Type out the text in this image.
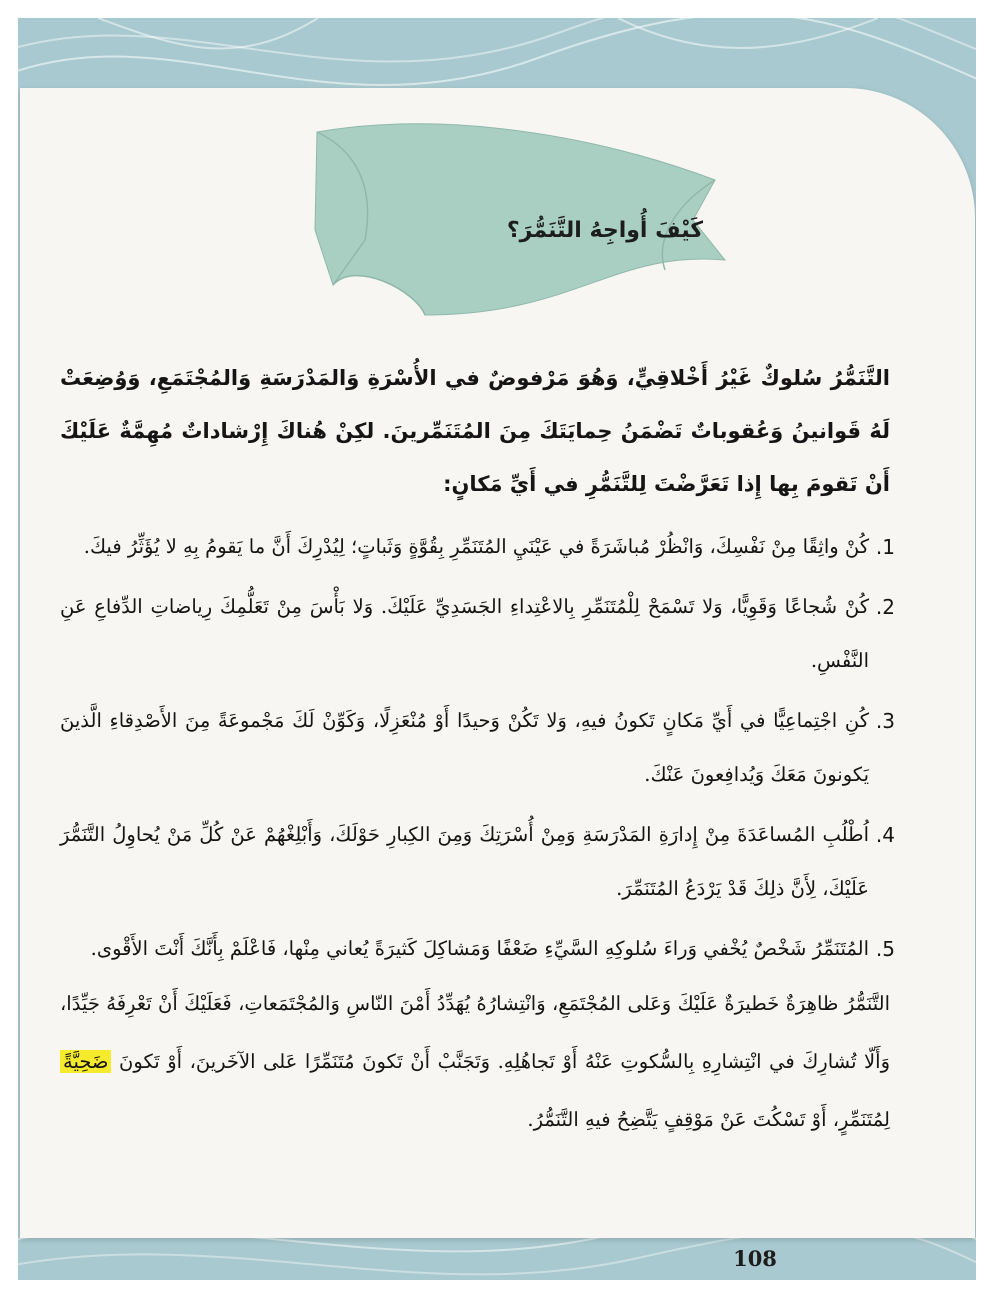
كَيْفَ أُواجِهُ التَّنَمُّرَ؟
التَّنَمُّرُ سُلوكٌ غَيْرُ أَخْلاقِيٍّ، وَهُوَ مَرْفوضٌ في الأُسْرَةِ وَالمَدْرَسَةِ وَالمُجْتَمَعِ، وَوُضِعَتْ لَهُ قَوانينُ وَعُقوباتٌ تَضْمَنُ حِمايَتَكَ مِنَ المُتَنَمِّرينَ. لكِنْ هُناكَ إِرْشاداتٌ مُهِمَّةٌ عَلَيْكَ أَنْ تَقومَ بِها إِذا تَعَرَّضْتَ لِلتَّنَمُّرِ في أَيِّ مَكانٍ:
1.
كُنْ واثِقًا مِنْ نَفْسِكَ، وَانْظُرْ مُباشَرَةً في عَيْنَيِ المُتَنَمِّرِ بِقُوَّةٍ وَثَباتٍ؛ لِيُدْرِكَ أَنَّ ما يَقومُ بِهِ لا يُؤَثِّرُ فيكَ.
2.
كُنْ شُجاعًا وَقَوِيًّا، وَلا تَسْمَحْ لِلْمُتَنَمِّرِ بِالاعْتِداءِ الجَسَدِيِّ عَلَيْكَ. وَلا بَأْسَ مِنْ تَعَلُّمِكَ رِياضاتِ الدِّفاعِ عَنِ النَّفْسِ.
3.
كُنِ اجْتِماعِيًّا في أَيِّ مَكانٍ تَكونُ فيهِ، وَلا تَكُنْ وَحيدًا أَوْ مُنْعَزِلًا، وَكَوِّنْ لَكَ مَجْموعَةً مِنَ الأَصْدِقاءِ الَّذينَ يَكونونَ مَعَكَ وَيُدافِعونَ عَنْكَ.
4.
اُطْلُبِ المُساعَدَةَ مِنْ إِدارَةِ المَدْرَسَةِ وَمِنْ أُسْرَتِكَ وَمِنَ الكِبارِ حَوْلَكَ، وَأَبْلِغْهُمْ عَنْ كُلِّ مَنْ يُحاوِلُ التَّنَمُّرَ عَلَيْكَ، لِأَنَّ ذلِكَ قَدْ يَرْدَعُ المُتَنَمِّرَ.
5.
المُتَنَمِّرُ شَخْصٌ يُخْفي وَراءَ سُلوكِهِ السَّيِّءِ ضَعْفًا وَمَشاكِلَ كَثيرَةً يُعاني مِنْها، فَاعْلَمْ بِأَنَّكَ أَنْتَ الأَقْوى.
التَّنَمُّرُ ظاهِرَةٌ خَطيرَةٌ عَلَيْكَ وَعَلى المُجْتَمَعِ، وَانْتِشارُهُ يُهَدِّدُ أَمْنَ النّاسِ وَالمُجْتَمَعاتِ، فَعَلَيْكَ أَنْ تَعْرِفَهُ جَيِّدًا، وَأَلّا تُشارِكَ في انْتِشارِهِ بِالسُّكوتِ عَنْهُ أَوْ تَجاهُلِهِ. وَتَجَنَّبْ أَنْ تَكونَ مُتَنَمِّرًا عَلى الآخَرينَ، أَوْ تَكونَ ضَحِيَّةً لِمُتَنَمِّرٍ، أَوْ تَسْكُتَ عَنْ مَوْقِفٍ يَتَّضِحُ فيهِ التَّنَمُّرُ.
108
